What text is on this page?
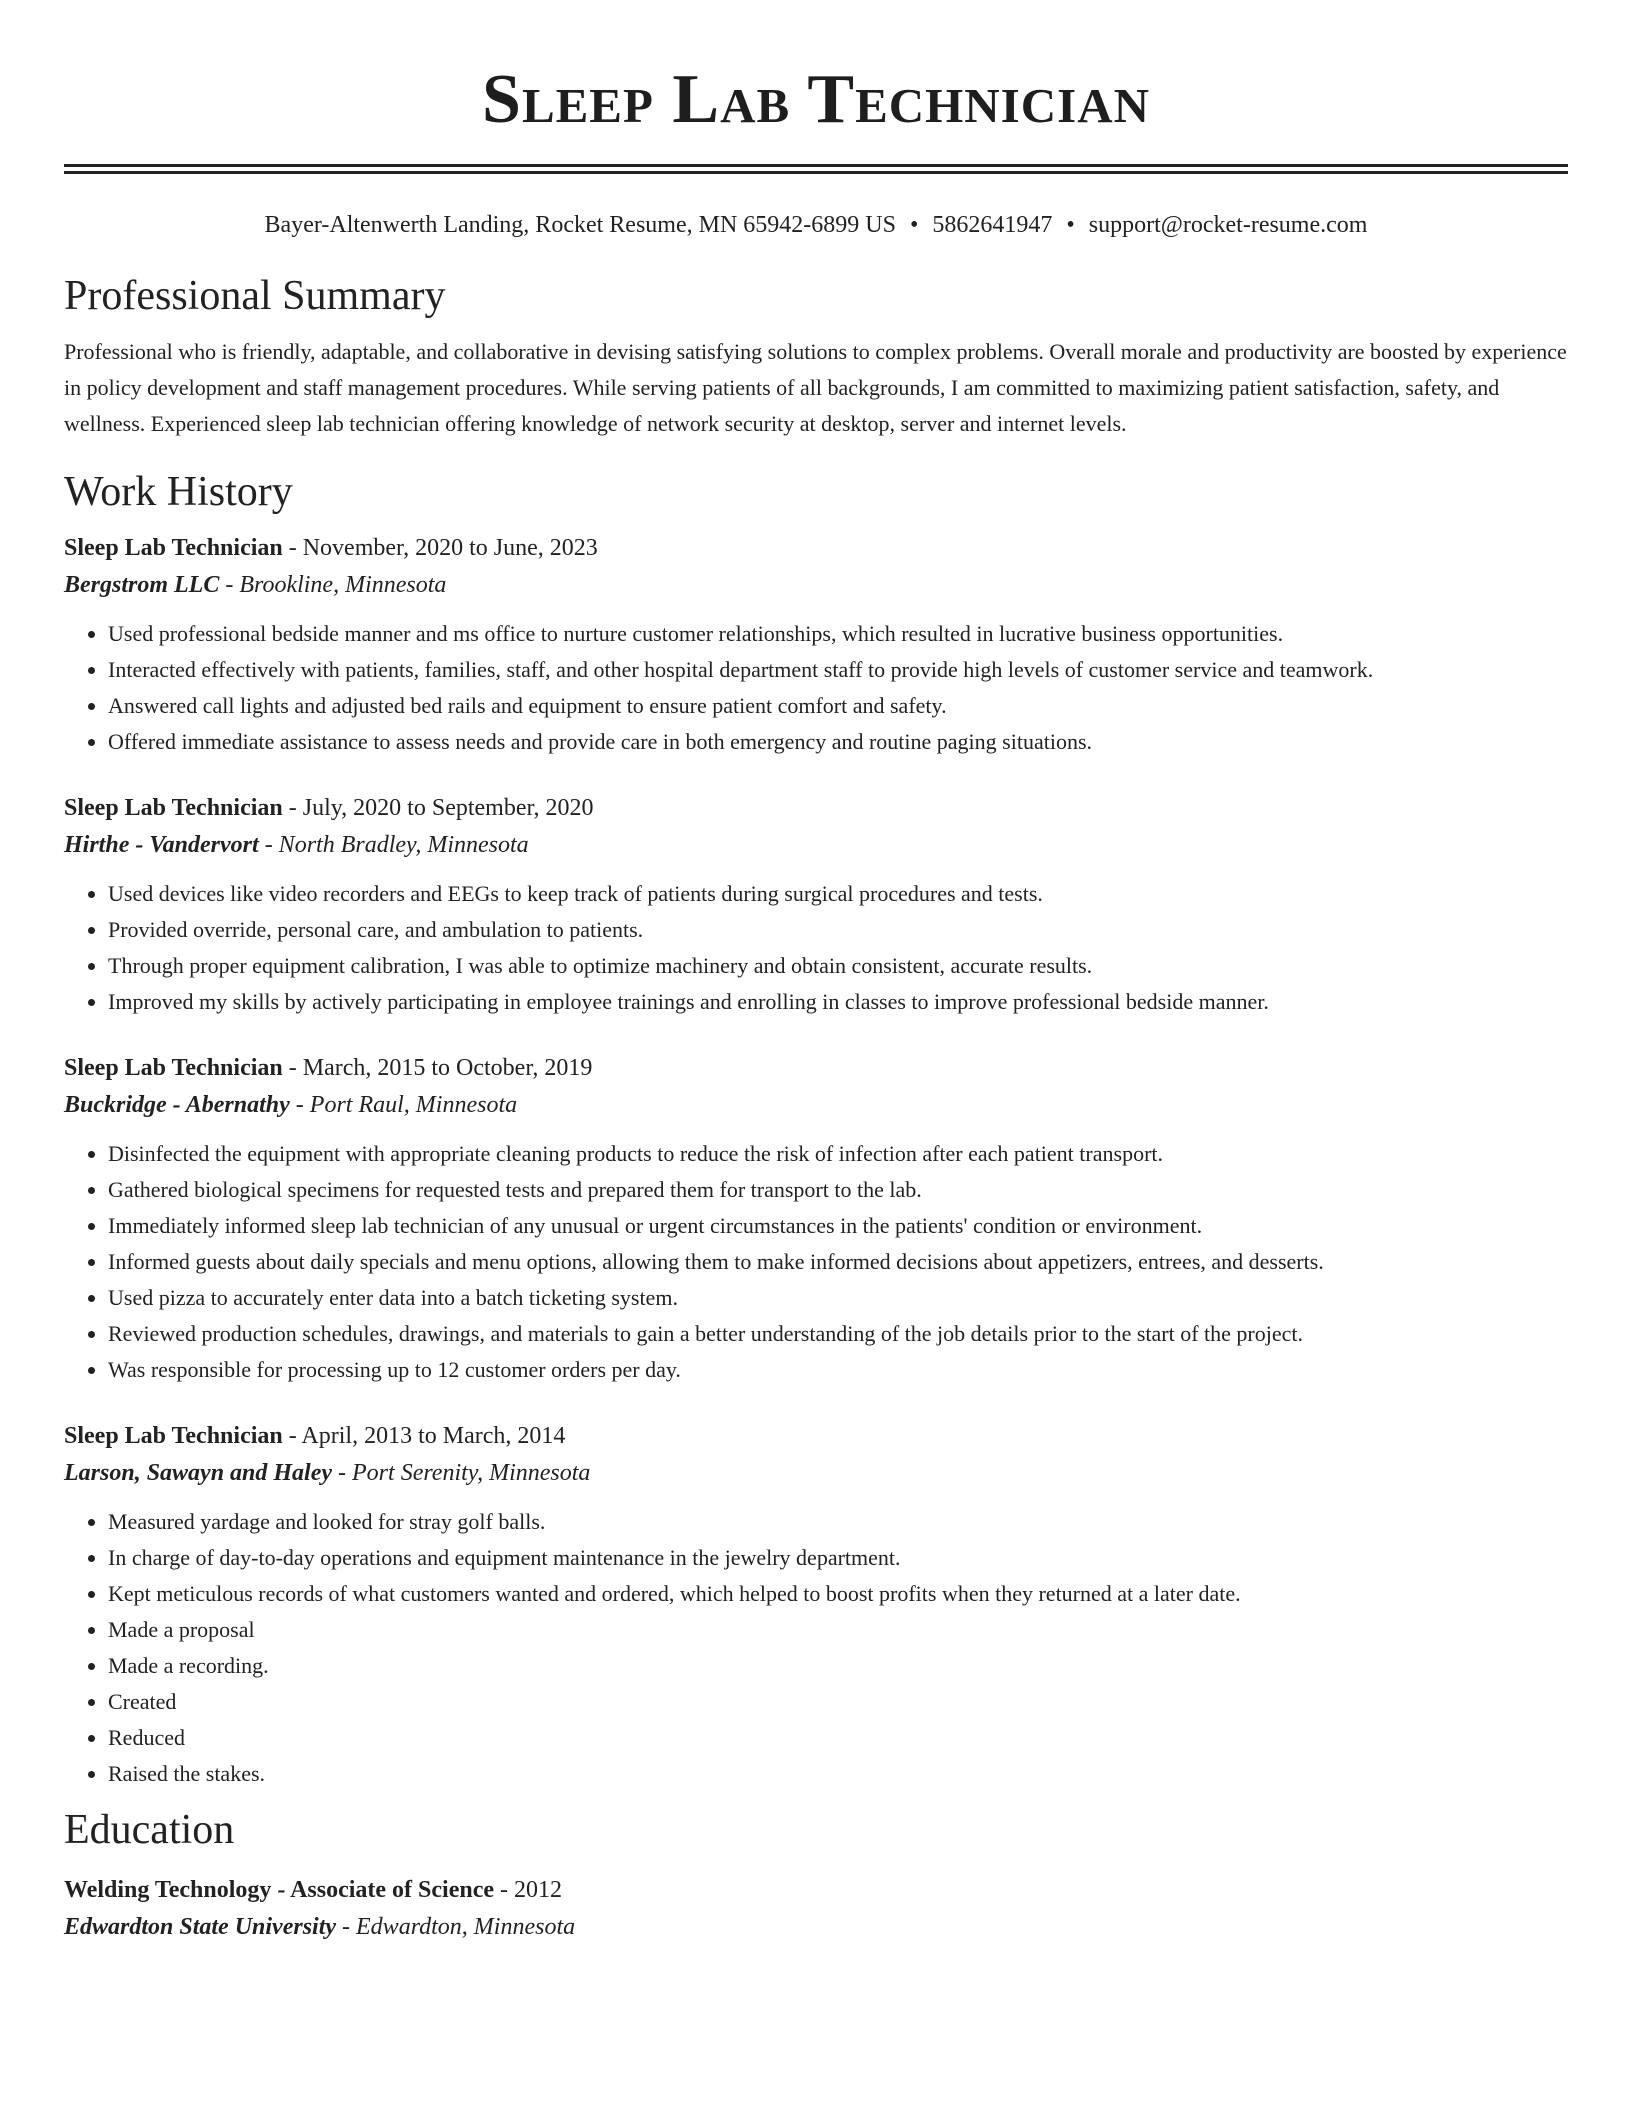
Sleep Lab Technician
Bayer-Altenwerth Landing, Rocket Resume, MN 65942-6899 US • 5862641947 • support@rocket-resume.com
Professional Summary

Professional who is friendly, adaptable, and collaborative in devising satisfying solutions to complex problems. Overall morale and productivity are boosted by experience in policy development and staff management procedures. While serving patients of all backgrounds, I am committed to maximizing patient satisfaction, safety, and wellness. Experienced sleep lab technician offering knowledge of network security at desktop, server and internet levels.

Work History

Sleep Lab Technician - November, 2020 to June, 2023

Bergstrom LLC - Brookline, Minnesota

• Used professional bedside manner and ms office to nurture customer relationships, which resulted in lucrative business opportunities.
• Interacted effectively with patients, families, staff, and other hospital department staff to provide high levels of customer service and teamwork.
• Answered call lights and adjusted bed rails and equipment to ensure patient comfort and safety.
• Offered immediate assistance to assess needs and provide care in both emergency and routine paging situations.

Sleep Lab Technician - July, 2020 to September, 2020

Hirthe - Vandervort - North Bradley, Minnesota

• Used devices like video recorders and EEGs to keep track of patients during surgical procedures and tests.
• Provided override, personal care, and ambulation to patients.
• Through proper equipment calibration, I was able to optimize machinery and obtain consistent, accurate results.
• Improved my skills by actively participating in employee trainings and enrolling in classes to improve professional bedside manner.

Sleep Lab Technician - March, 2015 to October, 2019

Buckridge - Abernathy - Port Raul, Minnesota

• Disinfected the equipment with appropriate cleaning products to reduce the risk of infection after each patient transport.
• Gathered biological specimens for requested tests and prepared them for transport to the lab.
• Immediately informed sleep lab technician of any unusual or urgent circumstances in the patients' condition or environment.
• Informed guests about daily specials and menu options, allowing them to make informed decisions about appetizers, entrees, and desserts.
• Used pizza to accurately enter data into a batch ticketing system.
• Reviewed production schedules, drawings, and materials to gain a better understanding of the job details prior to the start of the project.
• Was responsible for processing up to 12 customer orders per day.

Sleep Lab Technician - April, 2013 to March, 2014

Larson, Sawayn and Haley - Port Serenity, Minnesota

• Measured yardage and looked for stray golf balls.
• In charge of day-to-day operations and equipment maintenance in the jewelry department.
• Kept meticulous records of what customers wanted and ordered, which helped to boost profits when they returned at a later date.
• Made a proposal
• Made a recording.
• Created
• Reduced
• Raised the stakes.
Education

Welding Technology - Associate of Science - 2012

Edwardton State University - Edwardton, Minnesota
